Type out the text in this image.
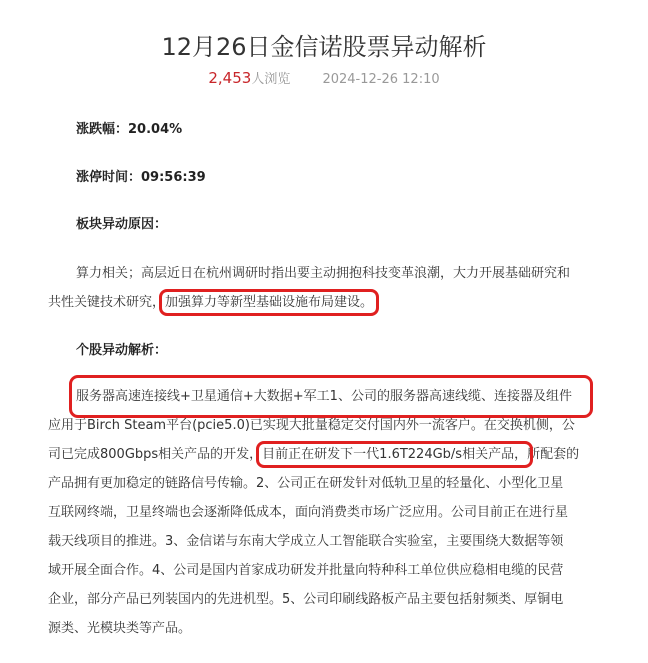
12月26日金信诺股票异动解析
2,453人浏览 2024-12-26 12:10
涨跌幅：20.04%
涨停时间：09:56:39
板块异动原因：

算力相关；高层近日在杭州调研时指出要主动拥抱科技变革浪潮，大力开展基础研究和
共性关键技术研究，加强算力等新型基础设施布局建设。

个股异动解析：

服务器高速连接线+卫星通信+大数据+军工1、公司的服务器高速线缆、连接器及组件
应用于Birch Steam平台(pcie5.0)已实现大批量稳定交付国内外一流客户。在交换机侧，公
司已完成800Gbps相关产品的开发，目前正在研发下一代1.6T224Gb/s相关产品，所配套的
产品拥有更加稳定的链路信号传输。2、公司正在研发针对低轨卫星的轻量化、小型化卫星
互联网终端，卫星终端也会逐渐降低成本，面向消费类市场广泛应用。公司目前正在进行星
载天线项目的推进。3、金信诺与东南大学成立人工智能联合实验室，主要围绕大数据等领
域开展全面合作。4、公司是国内首家成功研发并批量向特种科工单位供应稳相电缆的民营
企业，部分产品已列装国内的先进机型。5、公司印刷线路板产品主要包括射频类、厚铜电
源类、光模块类等产品。
